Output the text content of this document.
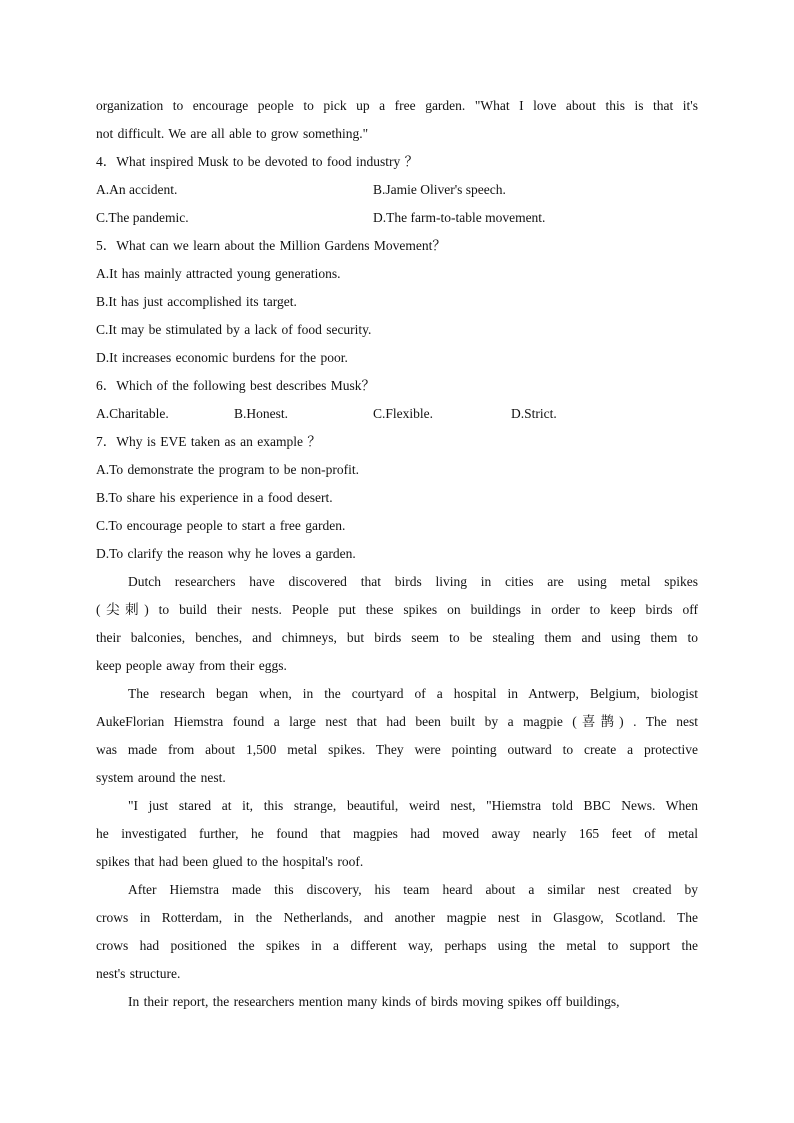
organization to encourage people to pick up a free garden. "What I love about this is that it's
not difficult. We are all able to grow something."
4．What inspired Musk to be devoted to food industry ？
A.An accident.	B.Jamie Oliver's speech.
C.The pandemic.	D.The farm-to-table movement.
5．What can we learn about the Million Gardens Movement？
A.It has mainly attracted young generations.
B.It has just accomplished its target.
C.It may be stimulated by a lack of food security.
D.It increases economic burdens for the poor.
6．Which of the following best describes Musk？
A.Charitable.	B.Honest.	C.Flexible.	D.Strict.
7．Why is EVE taken as an example ？
A.To demonstrate the program to be non-profit.
B.To share his experience in a food desert.
C.To encourage people to start a free garden.
D.To clarify the reason why he loves a garden.
Dutch researchers have discovered that birds living in cities are using metal spikes
(尖刺) to build their nests. People put these spikes on buildings in order to keep birds off
their balconies, benches, and chimneys, but birds seem to be stealing them and using them to
keep people away from their eggs.
The research began when, in the courtyard of a hospital in Antwerp, Belgium, biologist
AukeFlorian Hiemstra found a large nest that had been built by a magpie (喜鹊) . The nest
was made from about 1,500 metal spikes. They were pointing outward to create a protective
system around the nest.
"I just stared at it, this strange, beautiful, weird nest, "Hiemstra told BBC News. When
he investigated further, he found that magpies had moved away nearly 165 feet of metal
spikes that had been glued to the hospital's roof.
After Hiemstra made this discovery, his team heard about a similar nest created by
crows in Rotterdam, in the Netherlands, and another magpie nest in Glasgow, Scotland. The
crows had positioned the spikes in a different way, perhaps using the metal to support the
nest's structure.
In their report, the researchers mention many kinds of birds moving spikes off buildings,
